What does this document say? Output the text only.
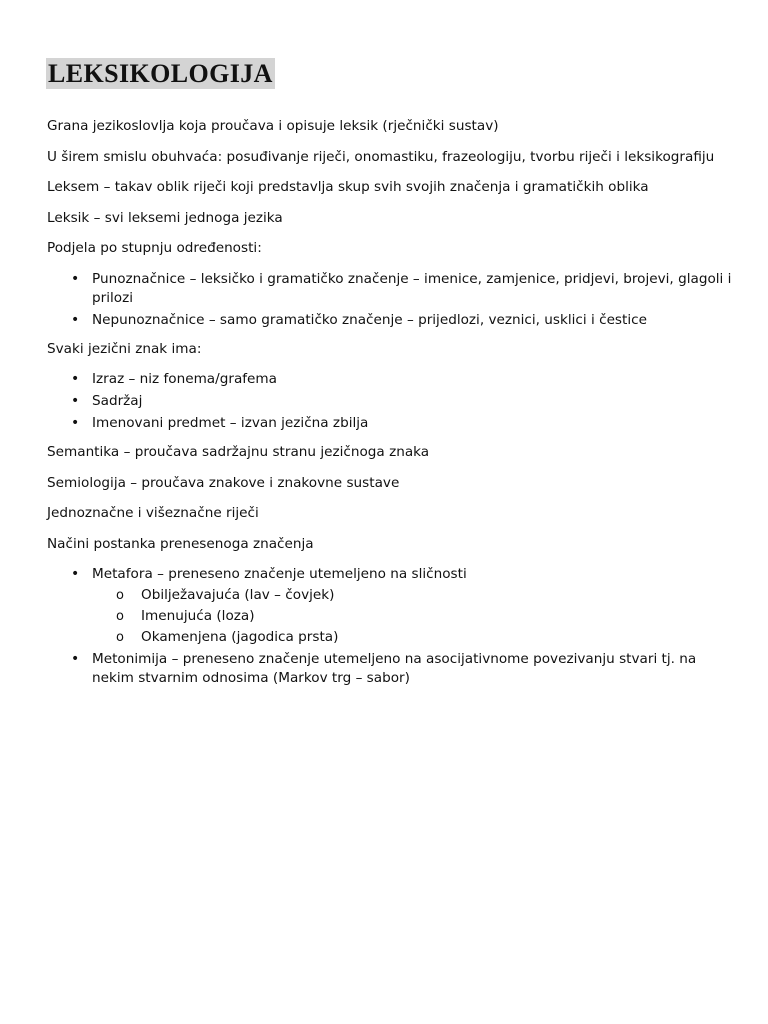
LEKSIKOLOGIJA

Grana jezikoslovlja koja proučava i opisuje leksik (rječnički sustav)

U širem smislu obuhvaća: posuđivanje riječi, onomastiku, frazeologiju, tvorbu riječi i leksikografiju

Leksem – takav oblik riječi koji predstavlja skup svih svojih značenja i gramatičkih oblika

Leksik – svi leksemi jednoga jezika

Podjela po stupnju određenosti:

• Punoznačnice – leksičko i gramatičko značenje – imenice, zamjenice, pridjevi, brojevi, glagoli i prilozi
• Nepunoznačnice – samo gramatičko značenje – prijedlozi, veznici, usklici i čestice

Svaki jezični znak ima:

• Izraz – niz fonema/grafema
• Sadržaj
• Imenovani predmet – izvan jezična zbilja

Semantika – proučava sadržajnu stranu jezičnoga znaka

Semiologija – proučava znakove i znakovne sustave

Jednoznačne i višeznačne riječi

Načini postanka prenesenoga značenja

• Metafora – preneseno značenje utemeljeno na sličnosti
o Obilježavajuća (lav – čovjek)
o Imenujuća (loza)
o Okamenjena (jagodica prsta)
• Metonimija – preneseno značenje utemeljeno na asocijativnome povezivanju stvari tj. na nekim stvarnim odnosima (Markov trg – sabor)
